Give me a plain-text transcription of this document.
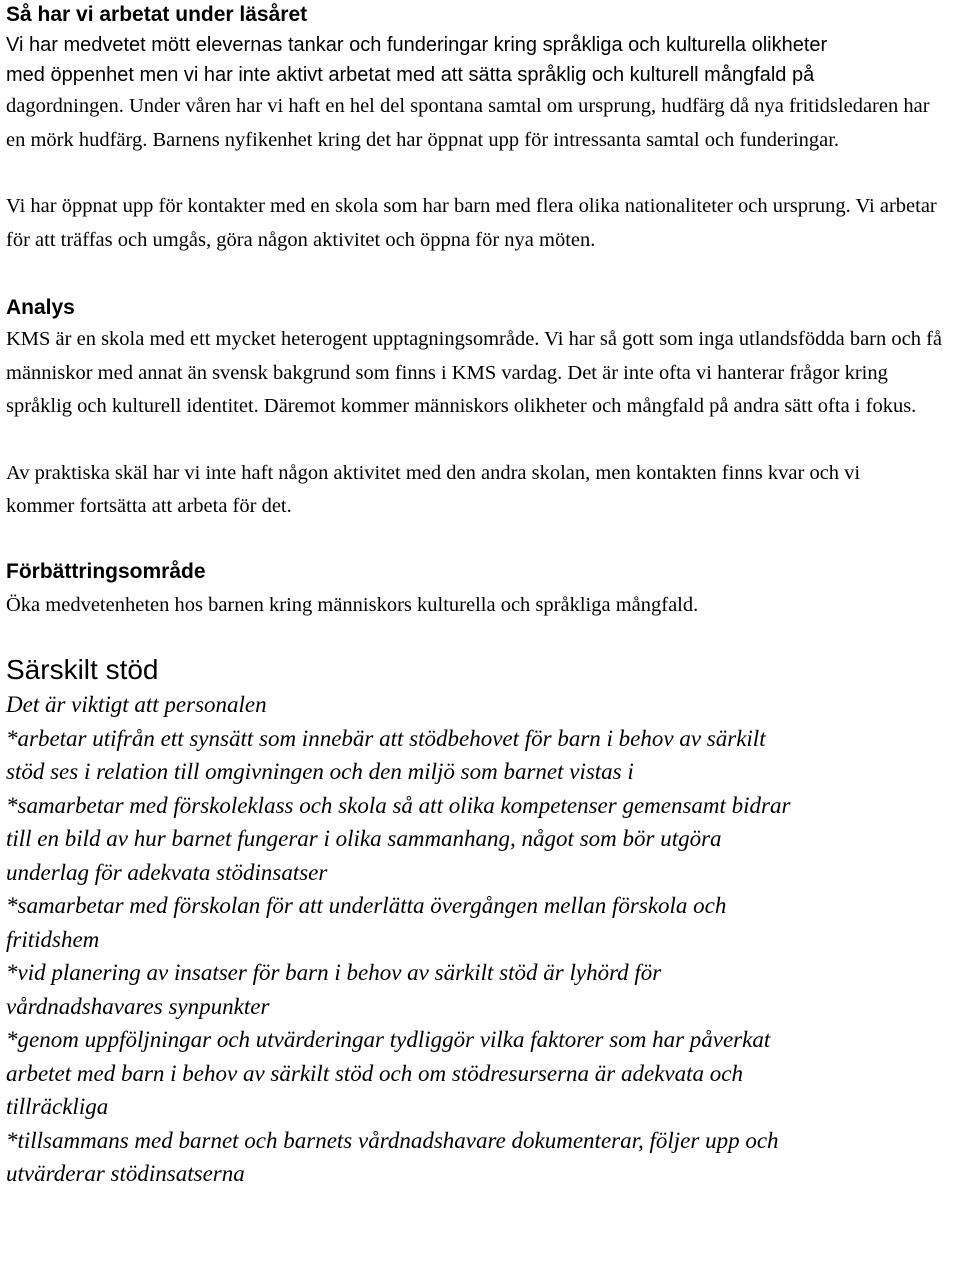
Så har vi arbetat under läsåret

Vi har medvetet mött elevernas tankar och funderingar kring språkliga och kulturella olikheter

med öppenhet men vi har inte aktivt arbetat med att sätta språklig och kulturell mångfald på

dagordningen. Under våren har vi haft en hel del spontana samtal om ursprung, hudfärg då nya fritidsledaren har en mörk hudfärg. Barnens nyfikenhet kring det har öppnat upp för intressanta samtal och funderingar.

Vi har öppnat upp för kontakter med en skola som har barn med flera olika nationaliteter och ursprung. Vi arbetar för att träffas och umgås, göra någon aktivitet och öppna för nya möten.

Analys

KMS är en skola med ett mycket heterogent upptagningsområde. Vi har så gott som inga utlandsfödda barn och få människor med annat än svensk bakgrund som finns i KMS vardag. Det är inte ofta vi hanterar frågor kring språklig och kulturell identitet. Däremot kommer människors olikheter och mångfald på andra sätt ofta i fokus.

Av praktiska skäl har vi inte haft någon aktivitet med den andra skolan, men kontakten finns kvar och vi kommer fortsätta att arbeta för det.

Förbättringsområde

Öka medvetenheten hos barnen kring människors kulturella och språkliga mångfald.

Särskilt stöd
Det är viktigt att personalen
*arbetar utifrån ett synsätt som innebär att stödbehovet för barn i behov av särkilt
stöd ses i relation till omgivningen och den miljö som barnet vistas i
*samarbetar med förskoleklass och skola så att olika kompetenser gemensamt bidrar
till en bild av hur barnet fungerar i olika sammanhang, något som bör utgöra
underlag för adekvata stödinsatser
*samarbetar med förskolan för att underlätta övergången mellan förskola och
fritidshem
*vid planering av insatser för barn i behov av särkilt stöd är lyhörd för
vårdnadshavares synpunkter
*genom uppföljningar och utvärderingar tydliggör vilka faktorer som har påverkat
arbetet med barn i behov av särkilt stöd och om stödresurserna är adekvata och
tillräckliga
*tillsammans med barnet och barnets vårdnadshavare dokumenterar, följer upp och
utvärderar stödinsatserna
